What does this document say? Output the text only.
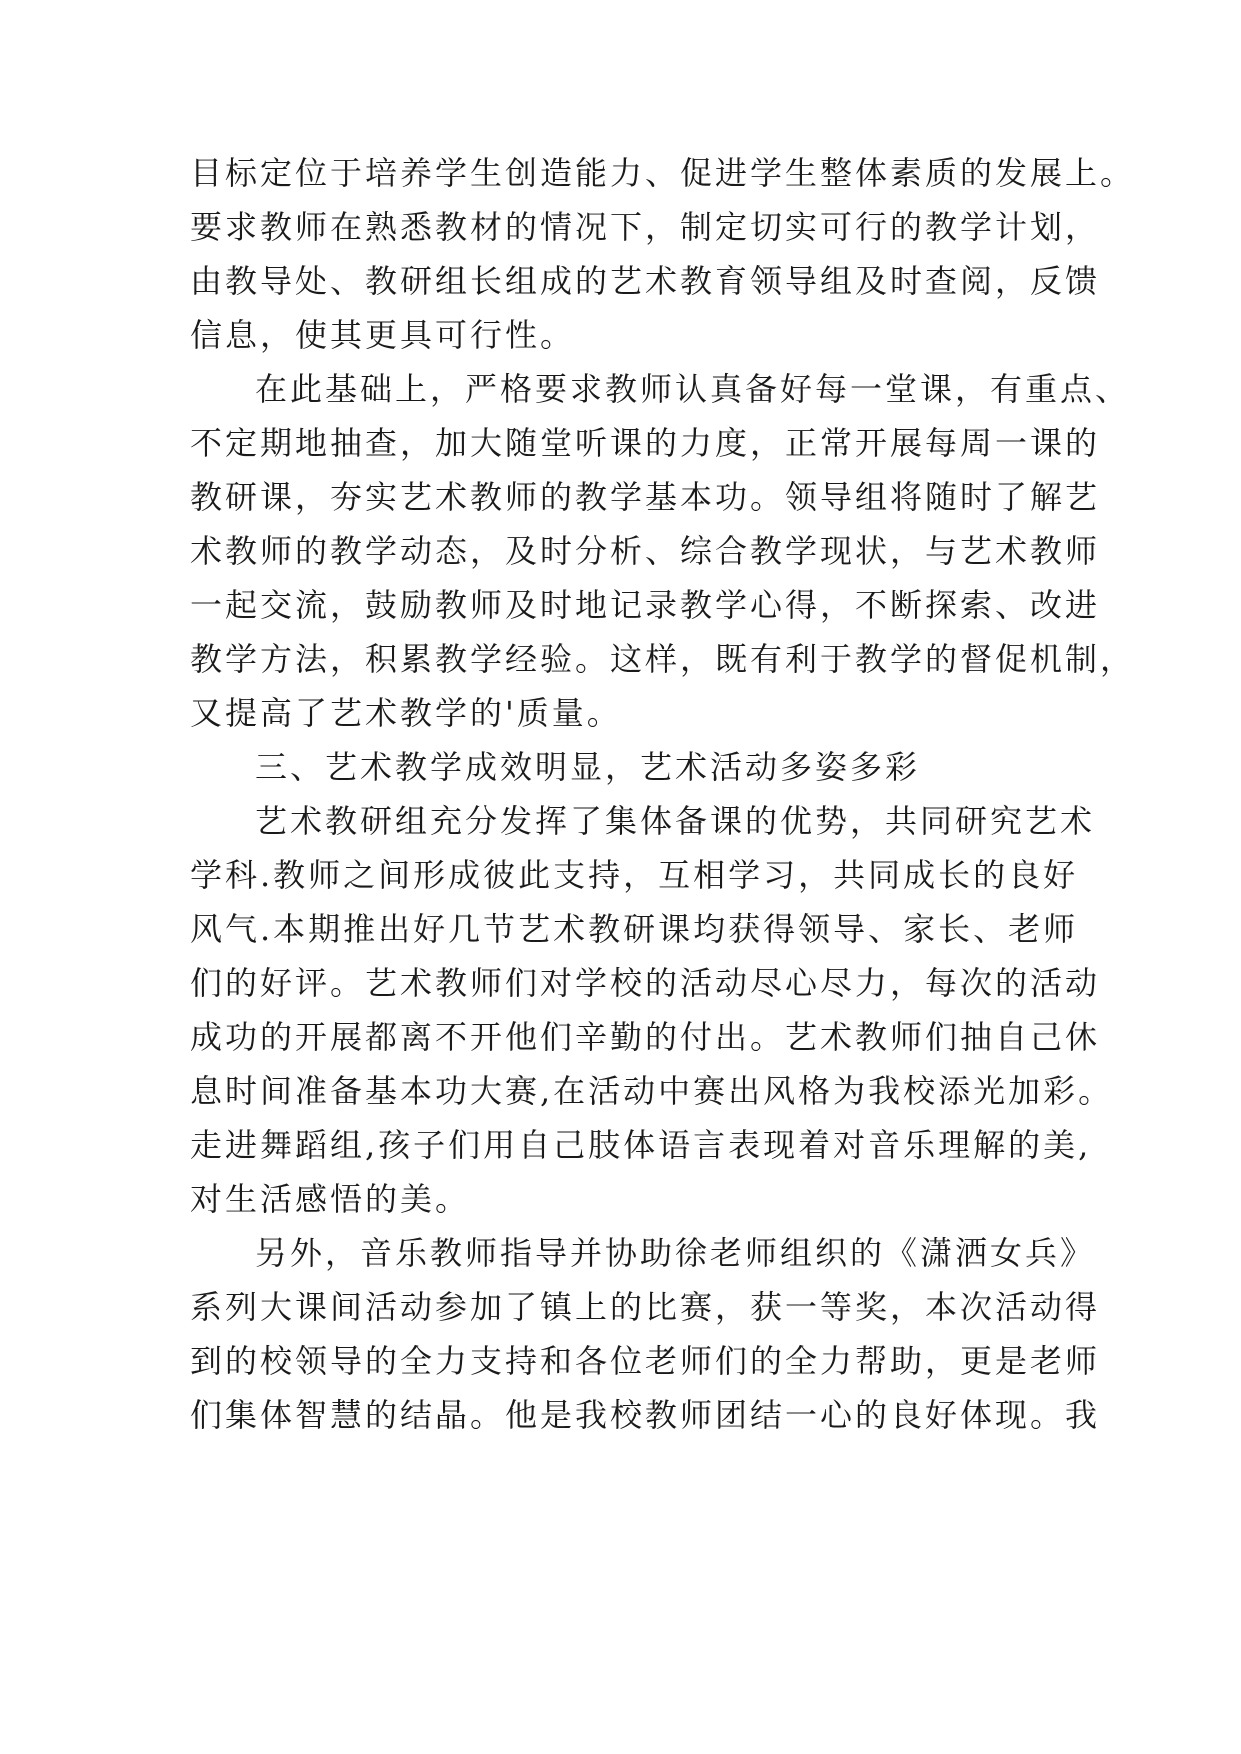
目标定位于培养学生创造能力、促进学生整体素质的发展上。
要求教师在熟悉教材的情况下，制定切实可行的教学计划，
由教导处、教研组长组成的艺术教育领导组及时查阅，反馈
信息，使其更具可行性。
在此基础上，严格要求教师认真备好每一堂课，有重点、
不定期地抽查，加大随堂听课的力度，正常开展每周一课的
教研课，夯实艺术教师的教学基本功。领导组将随时了解艺
术教师的教学动态，及时分析、综合教学现状，与艺术教师
一起交流，鼓励教师及时地记录教学心得，不断探索、改进
教学方法，积累教学经验。这样，既有利于教学的督促机制，
又提高了艺术教学的'质量。
三、艺术教学成效明显，艺术活动多姿多彩
艺术教研组充分发挥了集体备课的优势，共同研究艺术
学科.教师之间形成彼此支持，互相学习，共同成长的良好
风气.本期推出好几节艺术教研课均获得领导、家长、老师
们的好评。艺术教师们对学校的活动尽心尽力，每次的活动
成功的开展都离不开他们辛勤的付出。艺术教师们抽自己休
息时间准备基本功大赛,在活动中赛出风格为我校添光加彩。
走进舞蹈组,孩子们用自己肢体语言表现着对音乐理解的美,
对生活感悟的美。
另外，音乐教师指导并协助徐老师组织的《潇洒女兵》
系列大课间活动参加了镇上的比赛，获一等奖，本次活动得
到的校领导的全力支持和各位老师们的全力帮助，更是老师
们集体智慧的结晶。他是我校教师团结一心的良好体现。我
